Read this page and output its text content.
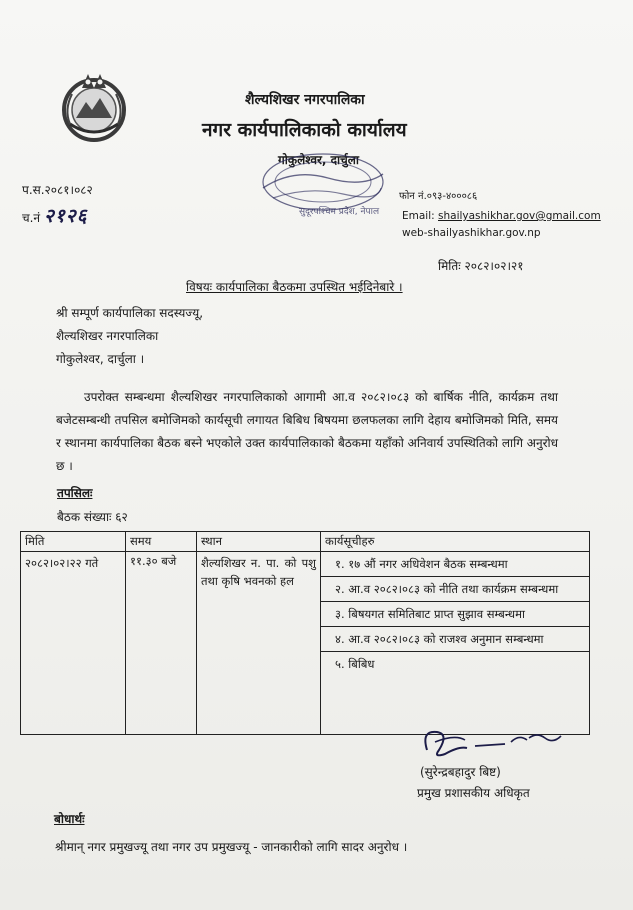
शैल्यशिखर नगरपालिका
नगर कार्यपालिकाको कार्यालय
गोकुलेश्वर, दार्चुला
सुदूरपश्चिम प्रदेश, नेपाल
प.स.२०८१।०८२
च.नं २१२६
फोन नं.०९३-४०००८६
Email: shailyashikhar.gov@gmail.com
web-shailyashikhar.gov.np
मितिः २०८२।०२।२१
विषयः कार्यपालिका बैठकमा उपस्थित भईदिनेबारे ।
श्री सम्पूर्ण कार्यपालिका सदस्यज्यू,
शैल्यशिखर नगरपालिका
गोकुलेश्वर, दार्चुला ।
उपरोक्त सम्बन्धमा शैल्यशिखर नगरपालिकाको आगामी आ.व २०८२।०८३ को बार्षिक नीति, कार्यक्रम तथा बजेटसम्बन्धी तपसिल बमोजिमको कार्यसूची लगायत बिबिध बिषयमा छलफलका लागि देहाय बमोजिमको मिति, समय र स्थानमा कार्यपालिका बैठक बस्ने भएकोले उक्त कार्यपालिकाको बैठकमा यहाँको अनिवार्य उपस्थितिको लागि अनुरोध छ ।
तपसिलः
बैठक संख्याः ६२
मिति	समय	स्थान	कार्यसूचीहरु
२०८२।०२।२२ गते	११.३० बजे	शैल्यशिखर न. पा. को पशु तथा कृषि भवनको हल	१. १७ औं नगर अधिवेशन बैठक सम्बन्धमा
२. आ.व २०८२।०८३ को नीति तथा कार्यक्रम सम्बन्धमा
३. बिषयगत समितिबाट प्राप्त सुझाव सम्बन्धमा
४. आ.व २०८२।०८३ को राजश्व अनुमान सम्बन्धमा
५. बिबिध
(सुरेन्द्रबहादुर बिष्ट)
प्रमुख प्रशासकीय अधिकृत
बोधार्थः
श्रीमान् नगर प्रमुखज्यू तथा नगर उप प्रमुखज्यू - जानकारीको लागि सादर अनुरोध ।
